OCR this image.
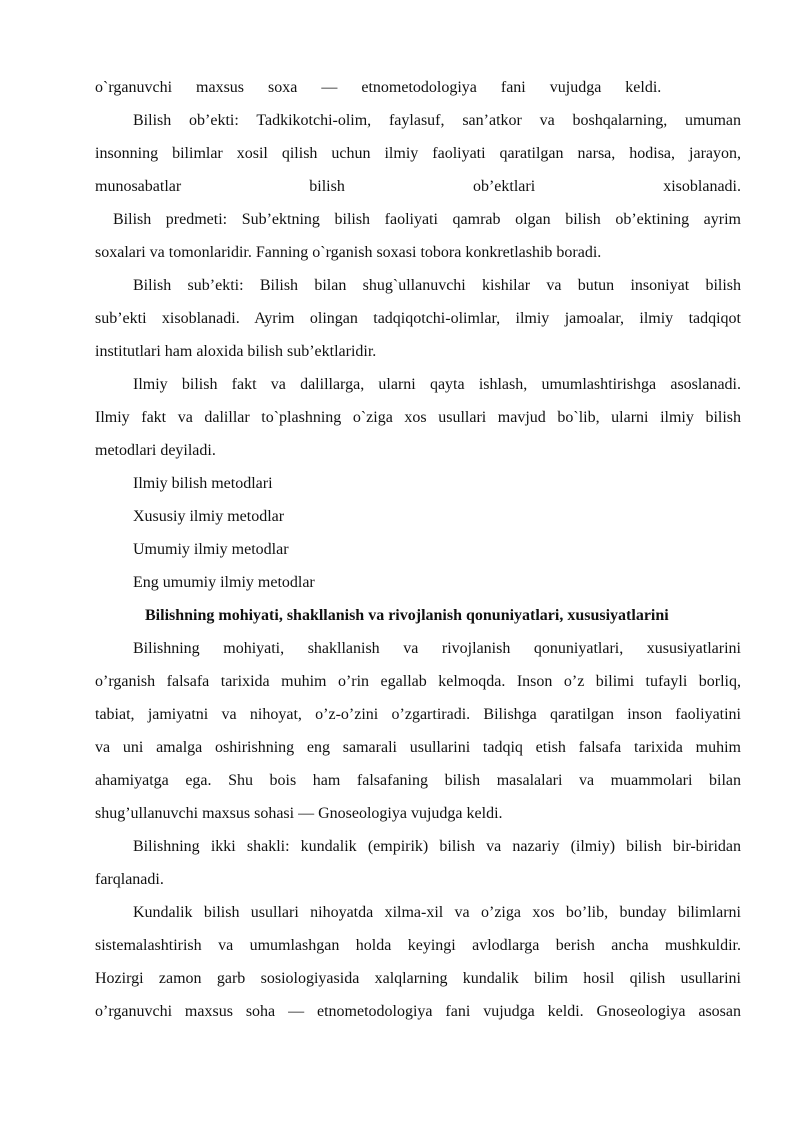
o`rganuvchi maxsus soxa — etnometodologiya fani vujudga keldi.
Bilish ob’ekti: Tadkikotchi-olim, faylasuf, san’atkor va boshqalarning, umuman
insonning bilimlar xosil qilish uchun ilmiy faoliyati qaratilgan narsa, hodisa, jarayon,
munosabatlar bilish ob’ektlari xisoblanadi.
Bilish predmeti: Sub’ektning bilish faoliyati qamrab olgan bilish ob’ektining ayrim
soxalari va tomonlaridir. Fanning o`rganish soxasi tobora konkretlashib boradi.
Bilish sub’ekti: Bilish bilan shug`ullanuvchi kishilar va butun insoniyat bilish
sub’ekti xisoblanadi. Ayrim olingan tadqiqotchi-olimlar, ilmiy jamoalar, ilmiy tadqiqot
institutlari ham aloxida bilish sub’ektlaridir.
Ilmiy bilish fakt va dalillarga, ularni qayta ishlash, umumlashtirishga asoslanadi.
Ilmiy fakt va dalillar to`plashning o`ziga xos usullari mavjud bo`lib, ularni ilmiy bilish
metodlari deyiladi.
Ilmiy bilish metodlari
Xususiy ilmiy metodlar
Umumiy ilmiy metodlar
Eng umumiy ilmiy metodlar
Bilishning mohiyati, shakllanish va rivojlanish qonuniyatlari, xususiyatlarini
Bilishning mohiyati, shakllanish va rivojlanish qonuniyatlari, xususiyatlarini
o’rganish falsafa tarixida muhim o’rin egallab kelmoqda. Inson o’z bilimi tufayli borliq,
tabiat, jamiyatni va nihoyat, o’z-o’zini o’zgartiradi. Bilishga qaratilgan inson faoliyatini
va uni amalga oshirishning eng samarali usullarini tadqiq etish falsafa tarixida muhim
ahamiyatga ega. Shu bois ham falsafaning bilish masalalari va muammolari bilan
shug’ullanuvchi maxsus sohasi — Gnoseologiya vujudga keldi.
Bilishning ikki shakli: kundalik (empirik) bilish va nazariy (ilmiy) bilish bir-biridan
farqlanadi.
Kundalik bilish usullari nihoyatda xilma-xil va o’ziga xos bo’lib, bunday bilimlarni
sistemalashtirish va umumlashgan holda keyingi avlodlarga berish ancha mushkuldir.
Hozirgi zamon garb sosiologiyasida xalqlarning kundalik bilim hosil qilish usullarini
o’rganuvchi maxsus soha — etnometodologiya fani vujudga keldi. Gnoseologiya asosan
